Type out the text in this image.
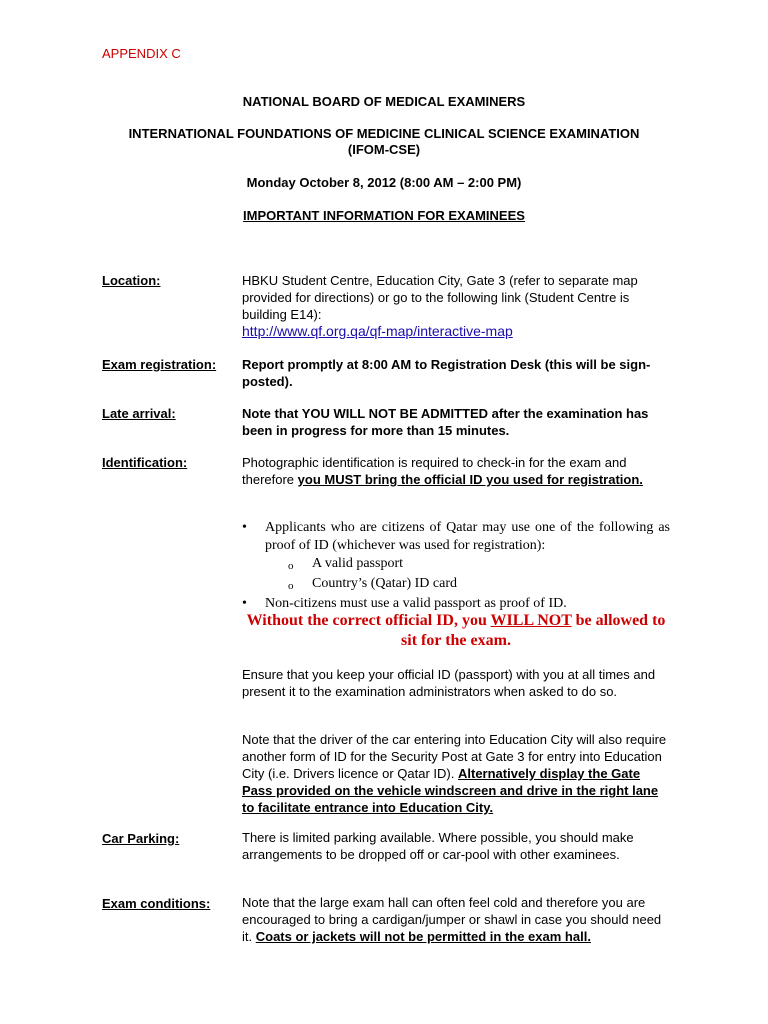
APPENDIX C
NATIONAL BOARD OF MEDICAL EXAMINERS
INTERNATIONAL FOUNDATIONS OF MEDICINE CLINICAL SCIENCE EXAMINATION
(IFOM-CSE)
Monday October 8, 2012 (8:00 AM – 2:00 PM)
IMPORTANT INFORMATION FOR EXAMINEES
Location:	HBKU Student Centre, Education City, Gate 3 (refer to separate map provided for directions) or go to the following link (Student Centre is building E14):
http://www.qf.org.qa/qf-map/interactive-map
Exam registration: Report promptly at 8:00 AM to Registration Desk (this will be sign-posted).
Late arrival:	Note that YOU WILL NOT BE ADMITTED after the examination has been in progress for more than 15 minutes.
Identification:	Photographic identification is required to check-in for the exam and therefore you MUST bring the official ID you used for registration.
•	Applicants who are citizens of Qatar may use one of the following as proof of ID (whichever was used for registration):
o	A valid passport
o	Country’s (Qatar) ID card
•	Non-citizens must use a valid passport as proof of ID.
Without the correct official ID, you WILL NOT be allowed to sit for the exam.
Ensure that you keep your official ID (passport) with you at all times and present it to the examination administrators when asked to do so.
Note that the driver of the car entering into Education City will also require another form of ID for the Security Post at Gate 3 for entry into Education City (i.e. Drivers licence or Qatar ID). Alternatively display the Gate Pass provided on the vehicle windscreen and drive in the right lane to facilitate entrance into Education City.
Car Parking:	There is limited parking available. Where possible, you should make arrangements to be dropped off or car-pool with other examinees.
Exam conditions: Note that the large exam hall can often feel cold and therefore you are encouraged to bring a cardigan/jumper or shawl in case you should need it. Coats or jackets will not be permitted in the exam hall.
